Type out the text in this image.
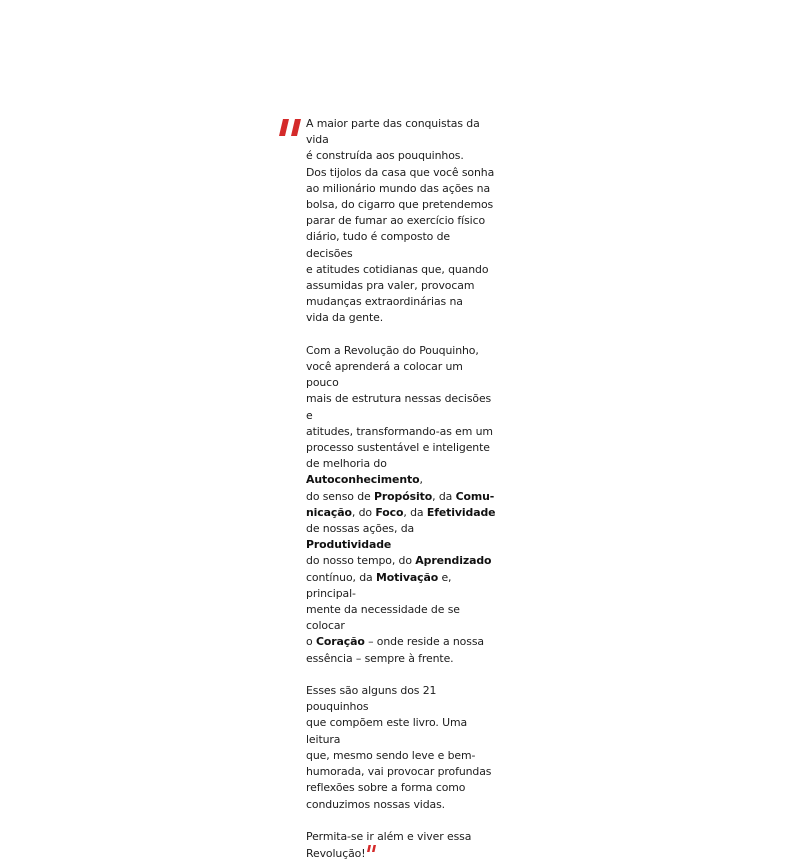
A maior parte das conquistas da vida
é construída aos pouquinhos.
Dos tijolos da casa que você sonha
ao milionário mundo das ações na
bolsa, do cigarro que pretendemos
parar de fumar ao exercício físico
diário, tudo é composto de decisões
e atitudes cotidianas que, quando
assumidas pra valer, provocam
mudanças extraordinárias na
vida da gente.

Com a Revolução do Pouquinho,
você aprenderá a colocar um pouco
mais de estrutura nessas decisões e
atitudes, transformando-as em um
processo sustentável e inteligente
de melhoria do Autoconhecimento,
do senso de Propósito, da Comu-
nicação, do Foco, da Efetividade
de nossas ações, da Produtividade
do nosso tempo, do Aprendizado
contínuo, da Motivação e, principal-
mente da necessidade de se colocar
o Coração – onde reside a nossa
essência – sempre à frente.

Esses são alguns dos 21 pouquinhos
que compõem este livro. Uma leitura
que, mesmo sendo leve e bem-
humorada, vai provocar profundas
reflexões sobre a forma como
conduzimos nossas vidas.

Permita-se ir além e viver essa
Revolução!
